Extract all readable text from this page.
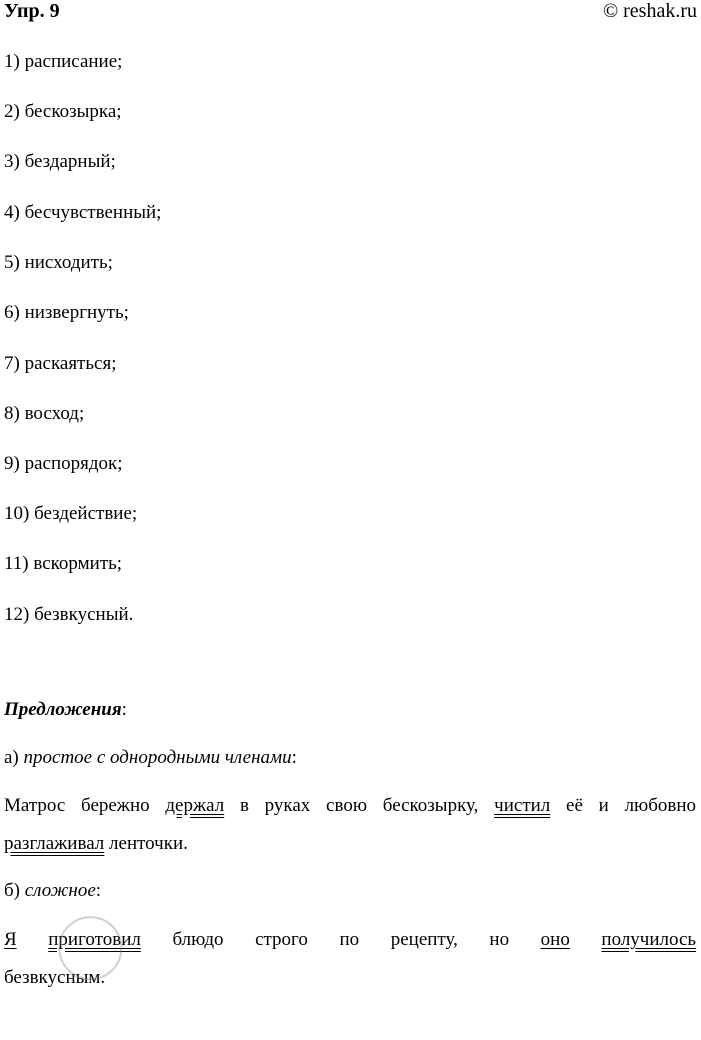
Упр. 9	© reshak.ru
1) расписание;
2) бескозырка;
3) бездарный;
4) бесчувственный;
5) нисходить;
6) низвергнуть;
7) раскаяться;
8) восход;
9) распорядок;
10) бездействие;
11) вскормить;
12) безвкусный.
Предложения:
а) простое с однородными членами:
Матрос бережно держал в руках свою бескозырку, чистил её и любовно
разглаживал ленточки.
б) сложное:
Я приготовил блюдо строго по рецепту, но оно получилось
безвкусным.
